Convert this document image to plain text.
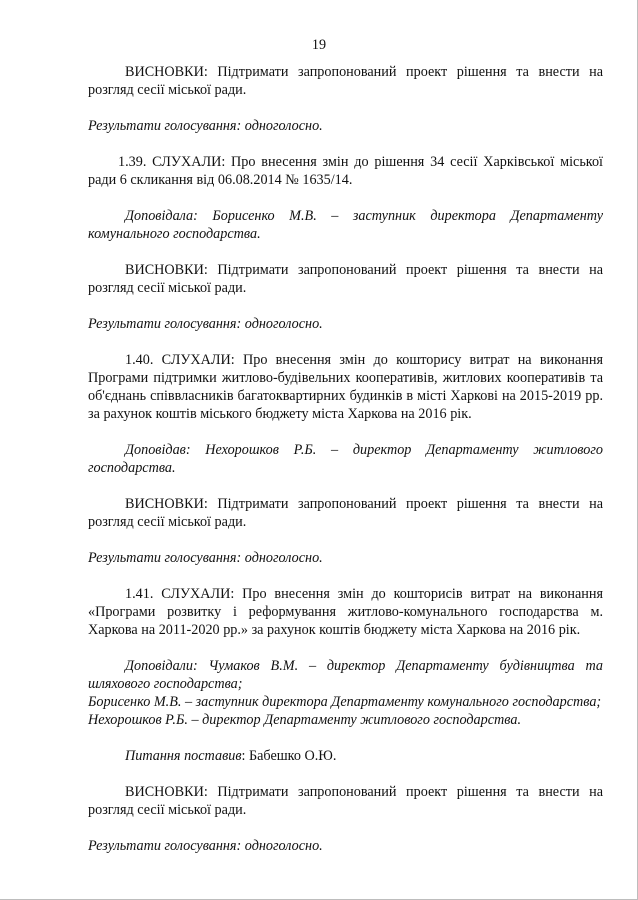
19

ВИСНОВКИ: Підтримати запропонований проект рішення та внести на розгляд сесії міської ради.

Результати голосування: одноголосно.

1.39. СЛУХАЛИ: Про внесення змін до рішення 34 сесії Харківської міської ради 6 скликання від 06.08.2014 № 1635/14.

Доповідала: Борисенко М.В. – заступник директора Департаменту комунального господарства.

ВИСНОВКИ: Підтримати запропонований проект рішення та внести на розгляд сесії міської ради.

Результати голосування: одноголосно.

1.40. СЛУХАЛИ: Про внесення змін до кошторису витрат на виконання Програми підтримки житлово-будівельних кооперативів, житлових кооперативів та об'єднань співвласників багатоквартирних будинків в місті Харкові на 2015-2019 рр. за рахунок коштів міського бюджету міста Харкова на 2016 рік.

Доповідав: Нехорошков Р.Б. – директор Департаменту житлового господарства.

ВИСНОВКИ: Підтримати запропонований проект рішення та внести на розгляд сесії міської ради.

Результати голосування: одноголосно.

1.41. СЛУХАЛИ: Про внесення змін до кошторисів витрат на виконання «Програми розвитку і реформування житлово-комунального господарства м. Харкова на 2011-2020 рр.» за рахунок коштів бюджету міста Харкова на 2016 рік.

Доповідали: Чумаков В.М. – директор Департаменту будівництва та шляхового господарства;

Борисенко М.В. – заступник директора Департаменту комунального господарства;

Нехорошков Р.Б. – директор Департаменту житлового господарства.

Питання поставив: Бабешко О.Ю.

ВИСНОВКИ: Підтримати запропонований проект рішення та внести на розгляд сесії міської ради.

Результати голосування: одноголосно.
